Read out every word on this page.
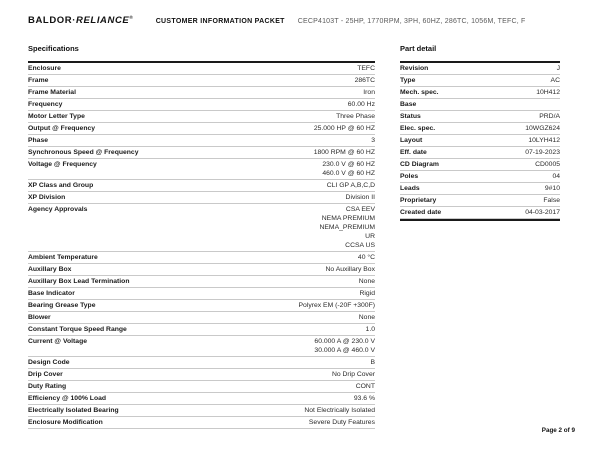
BALDOR·RELIANCE®
CUSTOMER INFORMATION PACKET CECP4103T - 25HP, 1770RPM, 3PH, 60HZ, 286TC, 1056M, TEFC, F
Specifications
Enclosure	TEFC
Frame	286TC
Frame Material	Iron
Frequency	60.00 Hz
Motor Letter Type	Three Phase
Output @ Frequency	25.000 HP @ 60 HZ
Phase	3
Synchronous Speed @ Frequency	1800 RPM @ 60 HZ
Voltage @ Frequency	230.0 V @ 60 HZ
460.0 V @ 60 HZ
XP Class and Group	CLI GP A,B,C,D
XP Division	Division II
Agency Approvals	CSA EEV
NEMA PREMIUM
NEMA_PREMIUM
UR
CCSA US
Ambient Temperature	40 °C
Auxillary Box	No Auxillary Box
Auxillary Box Lead Termination	None
Base Indicator	Rigid
Bearing Grease Type	Polyrex EM (-20F +300F)
Blower	None
Constant Torque Speed Range	1.0
Current @ Voltage	60.000 A @ 230.0 V
30.000 A @ 460.0 V
Design Code	B
Drip Cover	No Drip Cover
Duty Rating	CONT
Efficiency @ 100% Load	93.6 %
Electrically Isolated Bearing	Not Electrically Isolated
Enclosure Modification	Severe Duty Features
Part detail
Revision	J
Type	AC
Mech. spec.	10H412
Base

Status	PRD/A
Elec. spec.	10WGZ624
Layout	10LYH412
Eff. date	07-19-2023
CD Diagram	CD0005
Poles	04
Leads	9#10
Proprietary	False
Created date	04-03-2017
Page 2 of 9
